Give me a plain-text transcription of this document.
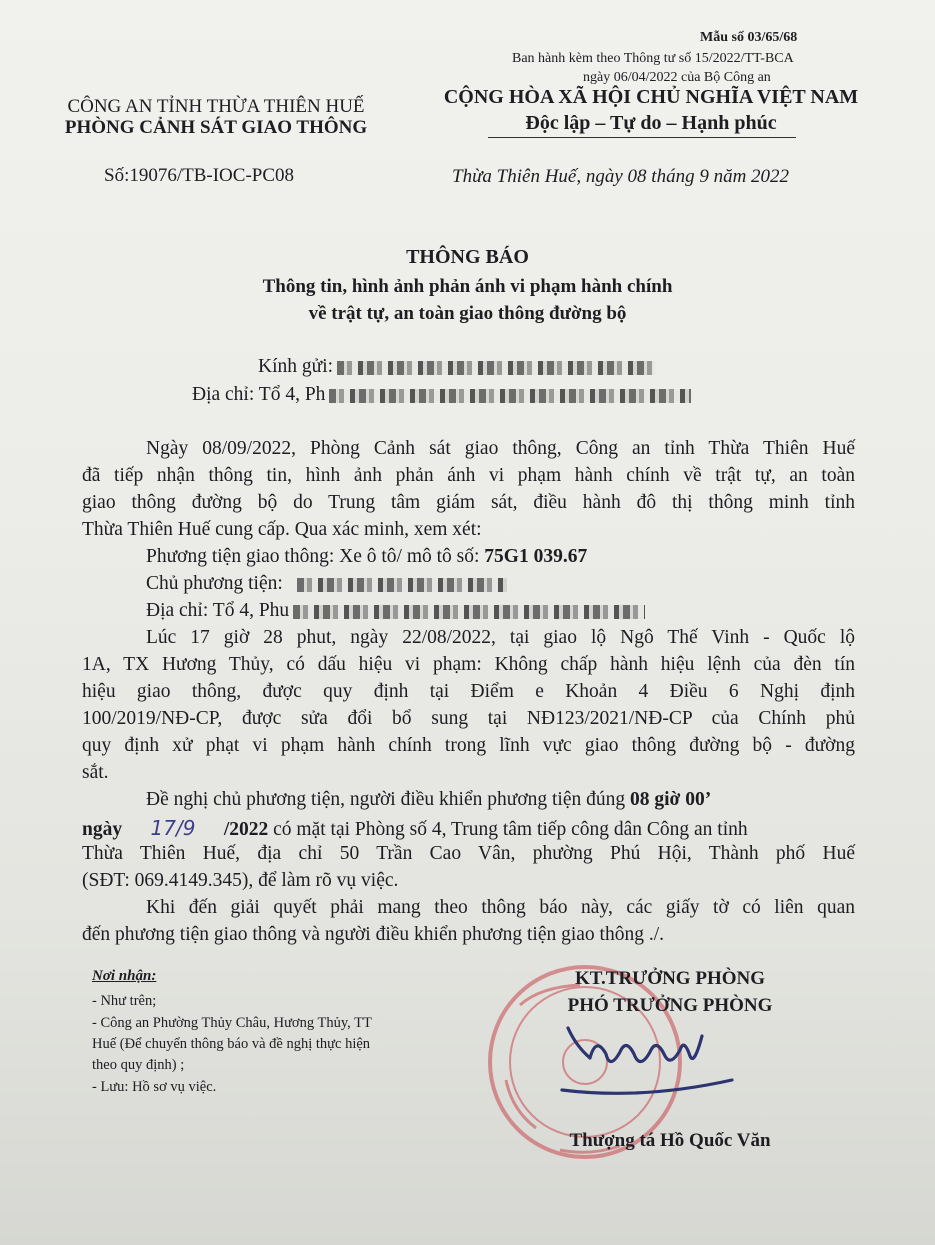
Mẫu số 03/65/68
Ban hành kèm theo Thông tư số 15/2022/TT-BCA
ngày 06/04/2022 của Bộ Công an
CÔNG AN TỈNH THỪA THIÊN HUẾ
PHÒNG CẢNH SÁT GIAO THÔNG
CỘNG HÒA XÃ HỘI CHỦ NGHĨA VIỆT NAM
Độc lập – Tự do – Hạnh phúc
Số:19076/TB-IOC-PC08	Thừa Thiên Huế, ngày 08 tháng 9 năm 2022
THÔNG BÁO
Thông tin, hình ảnh phản ánh vi phạm hành chính
về trật tự, an toàn giao thông đường bộ
Kính gửi:
Địa chỉ: Tổ 4, Ph
Ngày 08/09/2022, Phòng Cảnh sát giao thông, Công an tỉnh Thừa Thiên Huế
đã tiếp nhận thông tin, hình ảnh phản ánh vi phạm hành chính về trật tự, an toàn
giao thông đường bộ do Trung tâm giám sát, điều hành đô thị thông minh tỉnh
Thừa Thiên Huế cung cấp. Qua xác minh, xem xét:
Phương tiện giao thông: Xe ô tô/ mô tô số: 75G1 039.67
Chủ phương tiện:
Địa chỉ: Tổ 4, Phu
Lúc 17 giờ 28 phut, ngày 22/08/2022, tại giao lộ Ngô Thế Vinh - Quốc lộ
1A, TX Hương Thủy, có dấu hiệu vi phạm: Không chấp hành hiệu lệnh của đèn tín
hiệu giao thông, được quy định tại Điểm e Khoản 4 Điều 6 Nghị định
100/2019/NĐ-CP, được sửa đổi bổ sung tại NĐ123/2021/NĐ-CP của Chính phủ
quy định xử phạt vi phạm hành chính trong lĩnh vực giao thông đường bộ - đường
sắt.
Đề nghị chủ phương tiện, người điều khiển phương tiện đúng 08 giờ 00’
ngày 17/9 /2022 có mặt tại Phòng số 4, Trung tâm tiếp công dân Công an tỉnh
Thừa Thiên Huế, địa chỉ 50 Trần Cao Vân, phường Phú Hội, Thành phố Huế
(SĐT: 069.4149.345), để làm rõ vụ việc.
Khi đến giải quyết phải mang theo thông báo này, các giấy tờ có liên quan
đến phương tiện giao thông và người điều khiển phương tiện giao thông ./.
Nơi nhận:
- Như trên;
- Công an Phường Thủy Châu, Hương Thủy, TT
Huế (Để chuyển thông báo và đề nghị thực hiện
theo quy định) ;
- Lưu: Hồ sơ vụ việc.
KT.TRƯỞNG PHÒNG
PHÓ TRƯỞNG PHÒNG
Thượng tá Hồ Quốc Văn
